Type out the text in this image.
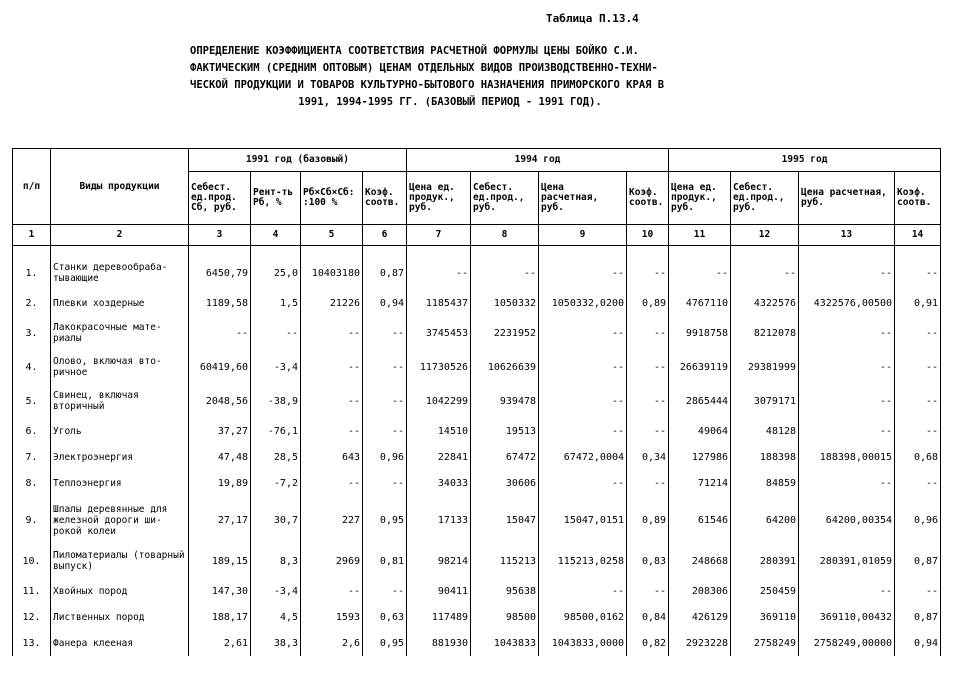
Таблица П.13.4
ОПРЕДЕЛЕНИЕ КОЭФФИЦИЕНТА СООТВЕТСТВИЯ РАСЧЕТНОЙ ФОРМУЛЫ ЦЕНЫ БОЙКО С.И.
ФАКТИЧЕСКИМ (СРЕДНИМ ОПТОВЫМ) ЦЕНАМ ОТДЕЛЬНЫХ ВИДОВ ПРОИЗВОДСТВЕННО-ТЕХНИ-
ЧЕСКОЙ ПРОДУКЦИИ И ТОВАРОВ КУЛЬТУРНО-БЫТОВОГО НАЗНАЧЕНИЯ ПРИМОРСКОГО КРАЯ В
1991, 1994-1995 ГГ. (БАЗОВЫЙ ПЕРИОД - 1991 ГОД).
п/п	Виды продукции	1991 год (базовый)				1994 год				1995 год			
		Себест. ед.прод. Сб, руб.	Рент-ть Рб, %	Рб×Сб×Сб: :100 %	Коэф. соотв.	Цена ед. продук., руб.	Себест. ед.прод., руб.	Цена расчетная, руб.	Коэф. соотв.	Цена ед. продук., руб.	Себест. ед.прод., руб.	Цена расчетная, руб.	Коэф. соотв.
1	2	3	4	5	6	7	8	9	10	11	12	13	14
1.	Станки деревообраба- тывающие	6450,79	25,0	10403180	0,87	--	--	--	--	--	--	--	--
2.	Плевки хоздерные	1189,58	1,5	21226	0,94	1185437	1050332	1050332,0200	0,89	4767110	4322576	4322576,00500	0,91
3.	Лакокрасочные мате- риалы	--	--	--	--	3745453	2231952	--	--	9918758	8212078	--	--
4.	Олово, включая вто- ричное	60419,60	-3,4	--	--	11730526	10626639	--	--	26639119	29381999	--	--
5.	Свинец, включая вторичный	2048,56	-38,9	--	--	1042299	939478	--	--	2865444	3079171	--	--
6.	Уголь	37,27	-76,1	--	--	14510	19513	--	--	49064	48128	--	--
7.	Электроэнергия	47,48	28,5	643	0,96	22841	67472	67472,0004	0,34	127986	188398	188398,00015	0,68
8.	Теплоэнергия	19,89	-7,2	--	--	34033	30606	--	--	71214	84859	--	--
9.	Шпалы деревянные для железной дороги ши- рокой колеи	27,17	30,7	227	0,95	17133	15047	15047,0151	0,89	61546	64200	64200,00354	0,96
10.	Пиломатериалы (товарный выпуск)	189,15	8,3	2969	0,81	98214	115213	115213,0258	0,83	248668	280391	280391,01059	0,87
11.	Хвойных пород	147,30	-3,4	--	--	90411	95638	--	--	208306	250459	--	--
12.	Лиственных пород	188,17	4,5	1593	0,63	117489	98500	98500,0162	0,84	426129	369110	369110,00432	0,87
13.	Фанера клееная	2,61	38,3	2,6	0,95	881930	1043833	1043833,0000	0,82	2923228	2758249	2758249,00000	0,94
